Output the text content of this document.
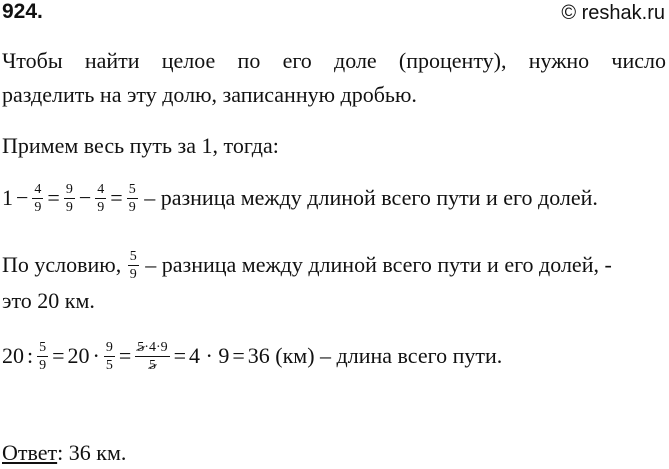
924.	© reshak.ru
Чтобы найти целое по его доле (проценту), нужно число
разделить на эту долю, записанную дробью.
Примем весь путь за 1, тогда:
$1 - \frac{4}{9} = \frac{9}{9} - \frac{4}{9} = \frac{5}{9}$ – разница между длиной всего пути и его долей.
По условию, $\frac{5}{9}$ – разница между длиной всего пути и его долей, -
это 20 км.
20 : $\frac{5}{9} = 20 \cdot \frac{9}{5} = \frac{5\cdot 4\cdot 9}{5} = 4 \cdot 9 = 36$ (км) – длина всего пути.
Ответ: 36 км.
